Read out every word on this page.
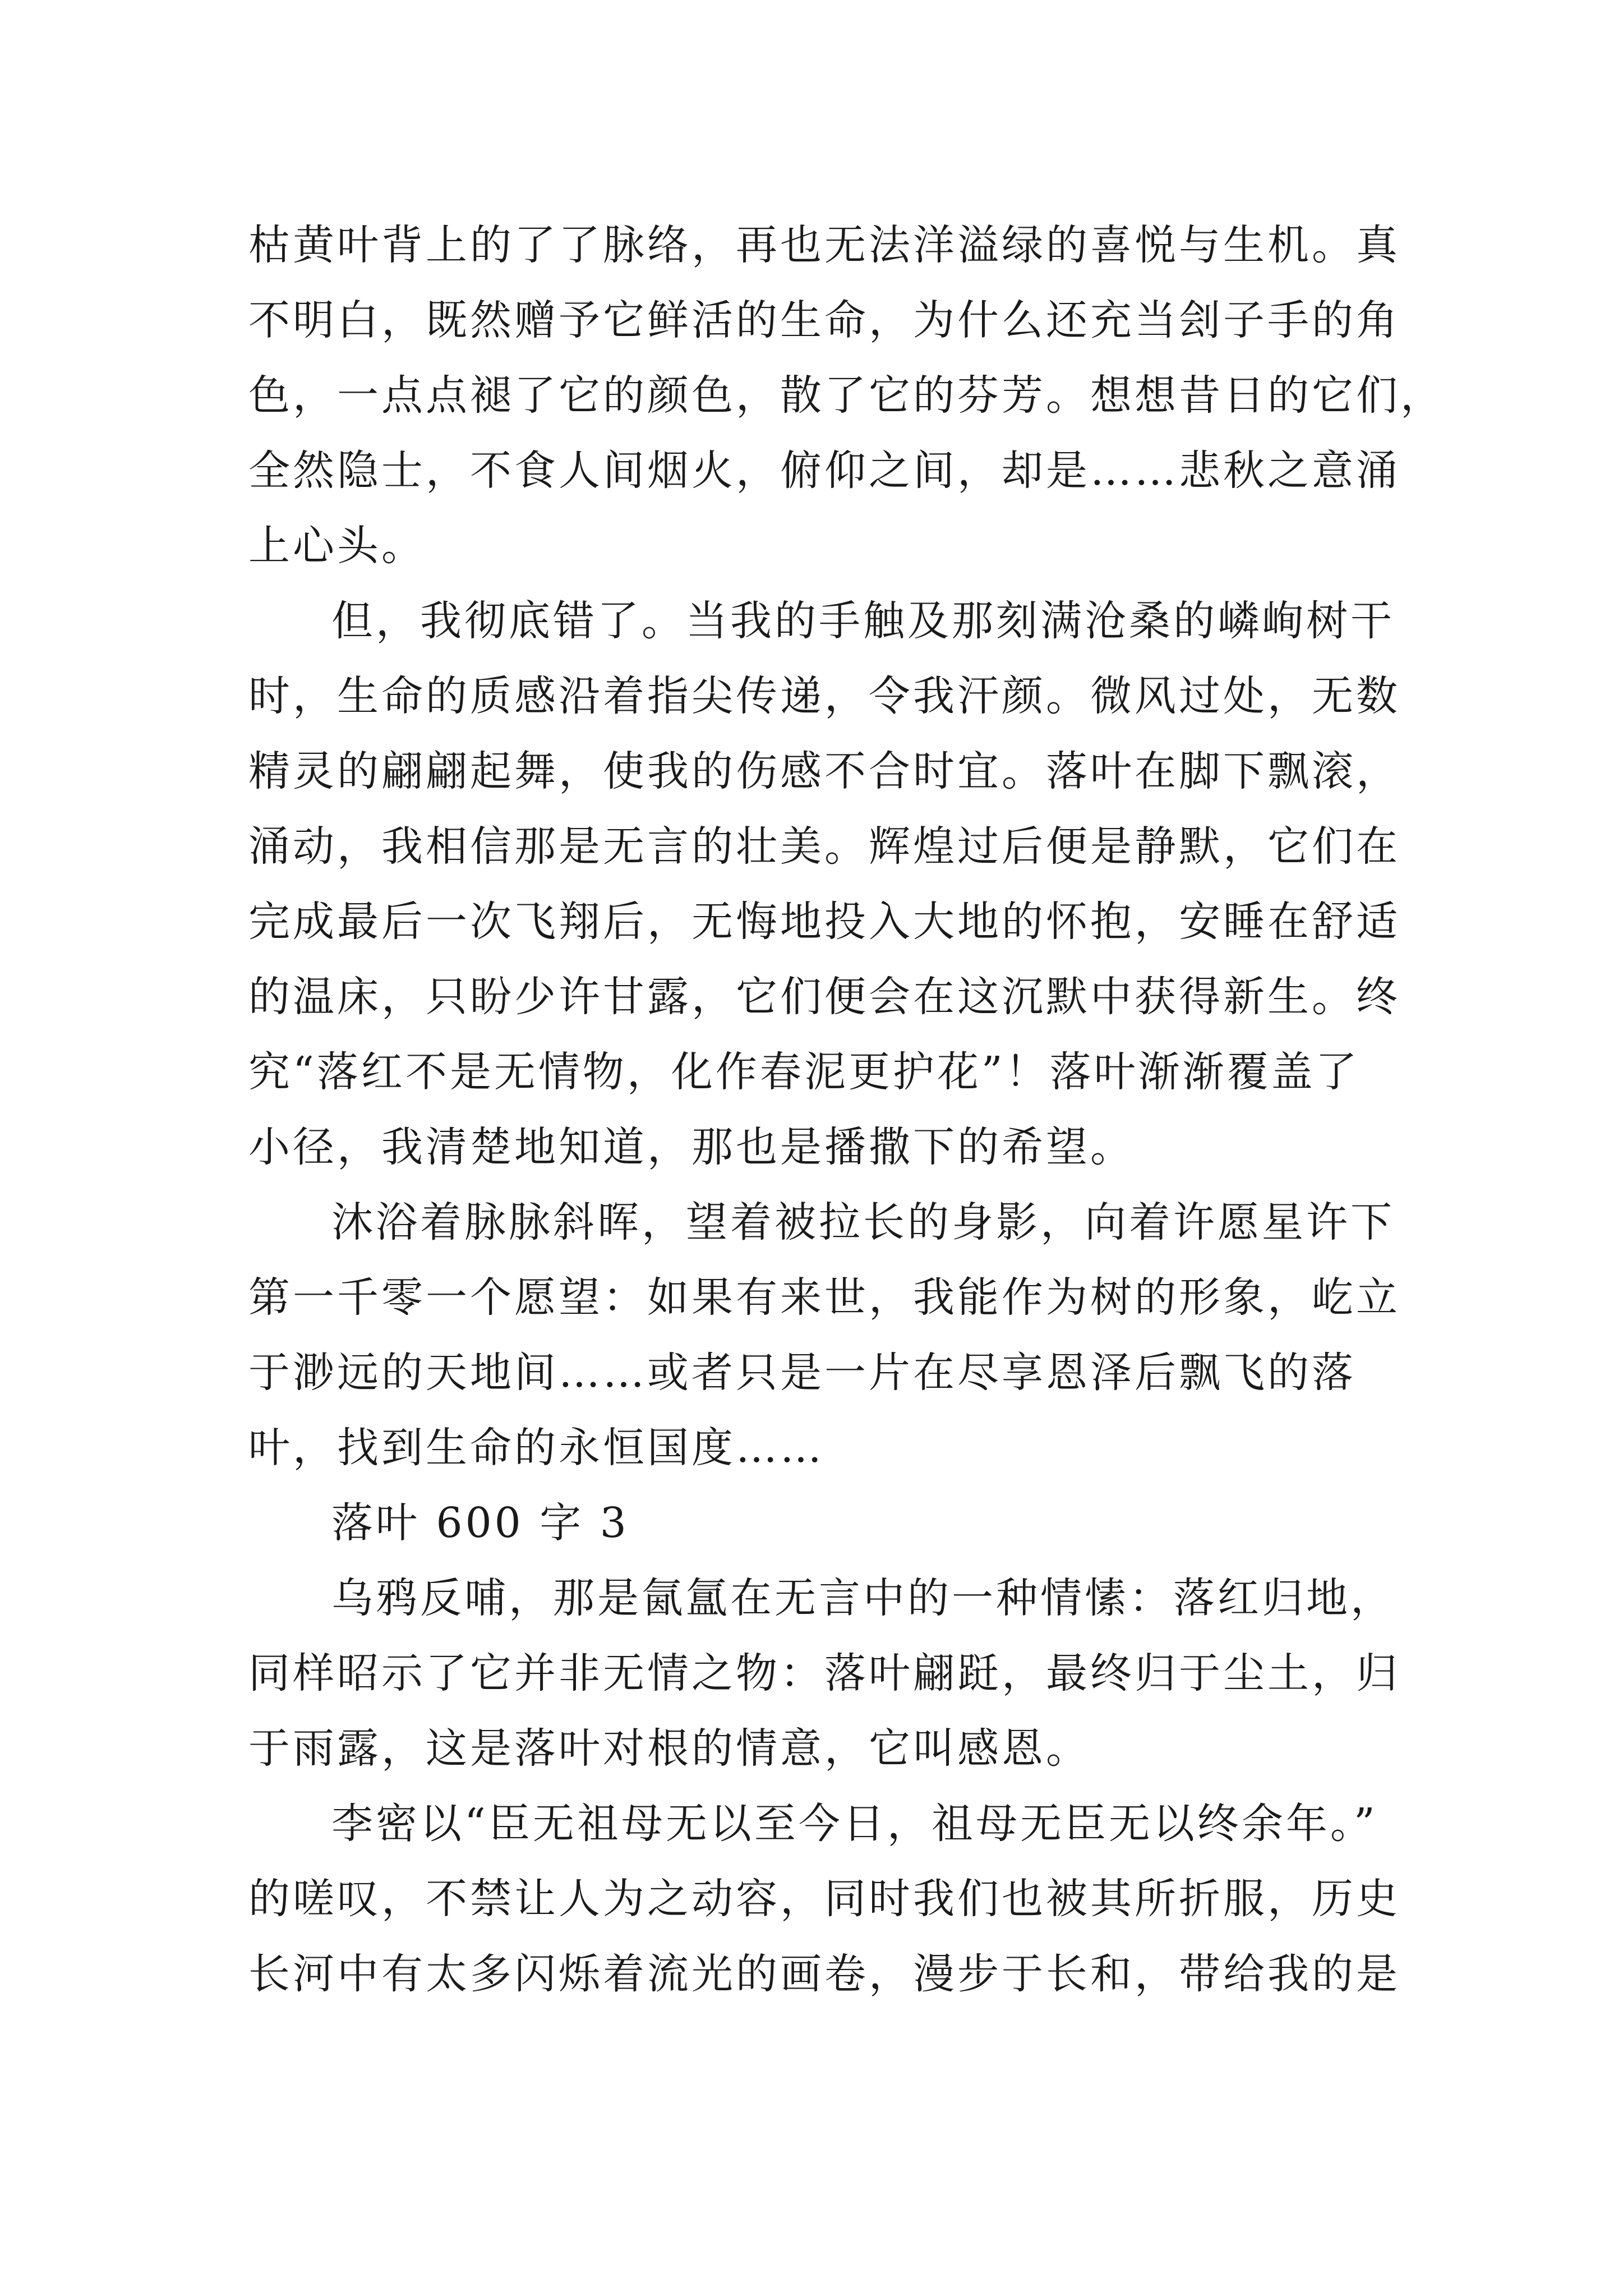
枯黄叶背上的了了脉络，再也无法洋溢绿的喜悦与生机。真
不明白，既然赠予它鲜活的生命，为什么还充当刽子手的角
色，一点点褪了它的颜色，散了它的芬芳。想想昔日的它们，
全然隐士，不食人间烟火，俯仰之间，却是……悲秋之意涌
上心头。
但，我彻底错了。当我的手触及那刻满沧桑的嶙峋树干
时，生命的质感沿着指尖传递，令我汗颜。微风过处，无数
精灵的翩翩起舞，使我的伤感不合时宜。落叶在脚下飘滚，
涌动，我相信那是无言的壮美。辉煌过后便是静默，它们在
完成最后一次飞翔后，无悔地投入大地的怀抱，安睡在舒适
的温床，只盼少许甘露，它们便会在这沉默中获得新生。终
究“落红不是无情物，化作春泥更护花”！落叶渐渐覆盖了
小径，我清楚地知道，那也是播撒下的希望。
沐浴着脉脉斜晖，望着被拉长的身影，向着许愿星许下
第一千零一个愿望：如果有来世，我能作为树的形象，屹立
于渺远的天地间……或者只是一片在尽享恩泽后飘飞的落
叶，找到生命的永恒国度……
落叶 600 字 3
乌鸦反哺，那是氤氲在无言中的一种情愫：落红归地，
同样昭示了它并非无情之物：落叶翩跹，最终归于尘土，归
于雨露，这是落叶对根的情意，它叫感恩。
李密以“臣无祖母无以至今日，祖母无臣无以终余年。”
的嗟叹，不禁让人为之动容，同时我们也被其所折服，历史
长河中有太多闪烁着流光的画卷，漫步于长和，带给我的是
